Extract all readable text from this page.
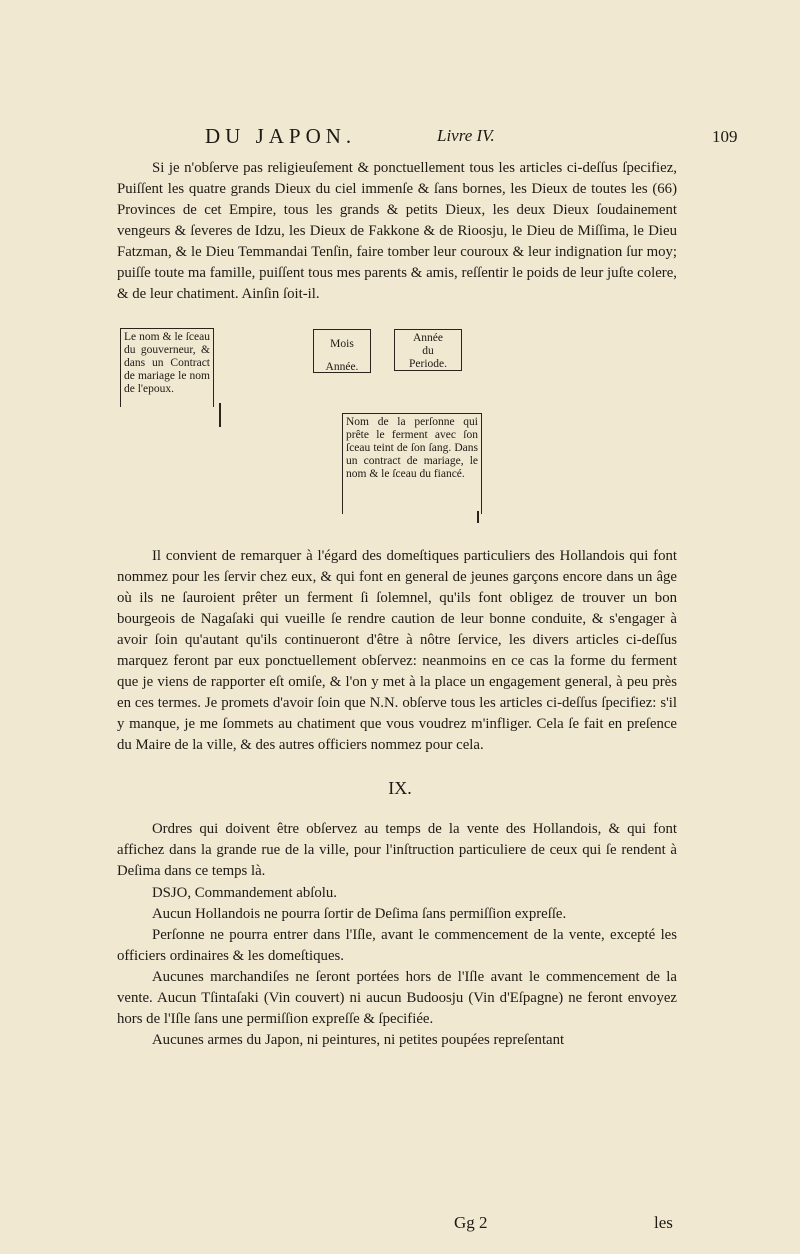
DU JAPON.	Livre IV.	109
Si je n'obſerve pas religieuſement & ponctuellement tous les articles ci-deſſus ſpecifiez, Puiſſent les quatre grands Dieux du ciel immenſe & ſans bornes, les Dieux de toutes les (66) Provinces de cet Empire, tous les grands & petits Dieux, les deux Dieux ſoudainement vengeurs & ſeveres de Idzu, les Dieux de Fakkone & de Rioosju, le Dieu de Miſſima, le Dieu Fatzman, & le Dieu Temmandai Tenſin, faire tomber leur couroux & leur indignation ſur moy; puiſſe toute ma famille, puiſſent tous mes parents & amis, reſſentir le poids de leur juſte colere, & de leur chatiment. Ainſin ſoit-il.
Le nom & le ſceau du gouverneur, & dans un Contract de mariage le nom de l'epoux.
Mois
Année.
Année
du
Periode.
Nom de la perſonne qui prête le ferment avec ſon ſceau teint de ſon ſang. Dans un contract de mariage, le nom & le ſceau du fiancé.
Il convient de remarquer à l'égard des domeſtiques particuliers des Hollandois qui font nommez pour les ſervir chez eux, & qui font en general de jeunes garçons encore dans un âge où ils ne ſauroient prêter un ferment ſi ſolemnel, qu'ils font obligez de trouver un bon bourgeois de Nagaſaki qui vueille ſe rendre caution de leur bonne conduite, & s'engager à avoir ſoin qu'autant qu'ils continueront d'être à nôtre ſervice, les divers articles ci-deſſus marquez feront par eux ponctuellement obſervez: neanmoins en ce cas la forme du ferment que je viens de rapporter eſt omiſe, & l'on y met à la place un engagement general, à peu près en ces termes. Je promets d'avoir ſoin que N.N. obſerve tous les articles ci-deſſus ſpecifiez: s'il y manque, je me ſommets au chatiment que vous voudrez m'infliger. Cela ſe fait en preſence du Maire de la ville, & des autres officiers nommez pour cela.
IX.
Ordres qui doivent être obſervez au temps de la vente des Hollandois, & qui font affichez dans la grande rue de la ville, pour l'inſtruction particuliere de ceux qui ſe rendent à Deſima dans ce temps là.
DSJO, Commandement abſolu.
Aucun Hollandois ne pourra ſortir de Deſima ſans permiſſion expreſſe.
Perſonne ne pourra entrer dans l'Iſle, avant le commencement de la vente, excepté les officiers ordinaires & les domeſtiques.
Aucunes marchandiſes ne ſeront portées hors de l'Iſle avant le commencement de la vente. Aucun Tſintaſaki (Vin couvert) ni aucun Budoosju (Vin d'Eſpagne) ne feront envoyez hors de l'Iſle ſans une permiſſion expreſſe & ſpecifiée.
Aucunes armes du Japon, ni peintures, ni petites poupées repreſentant
Gg 2	les
